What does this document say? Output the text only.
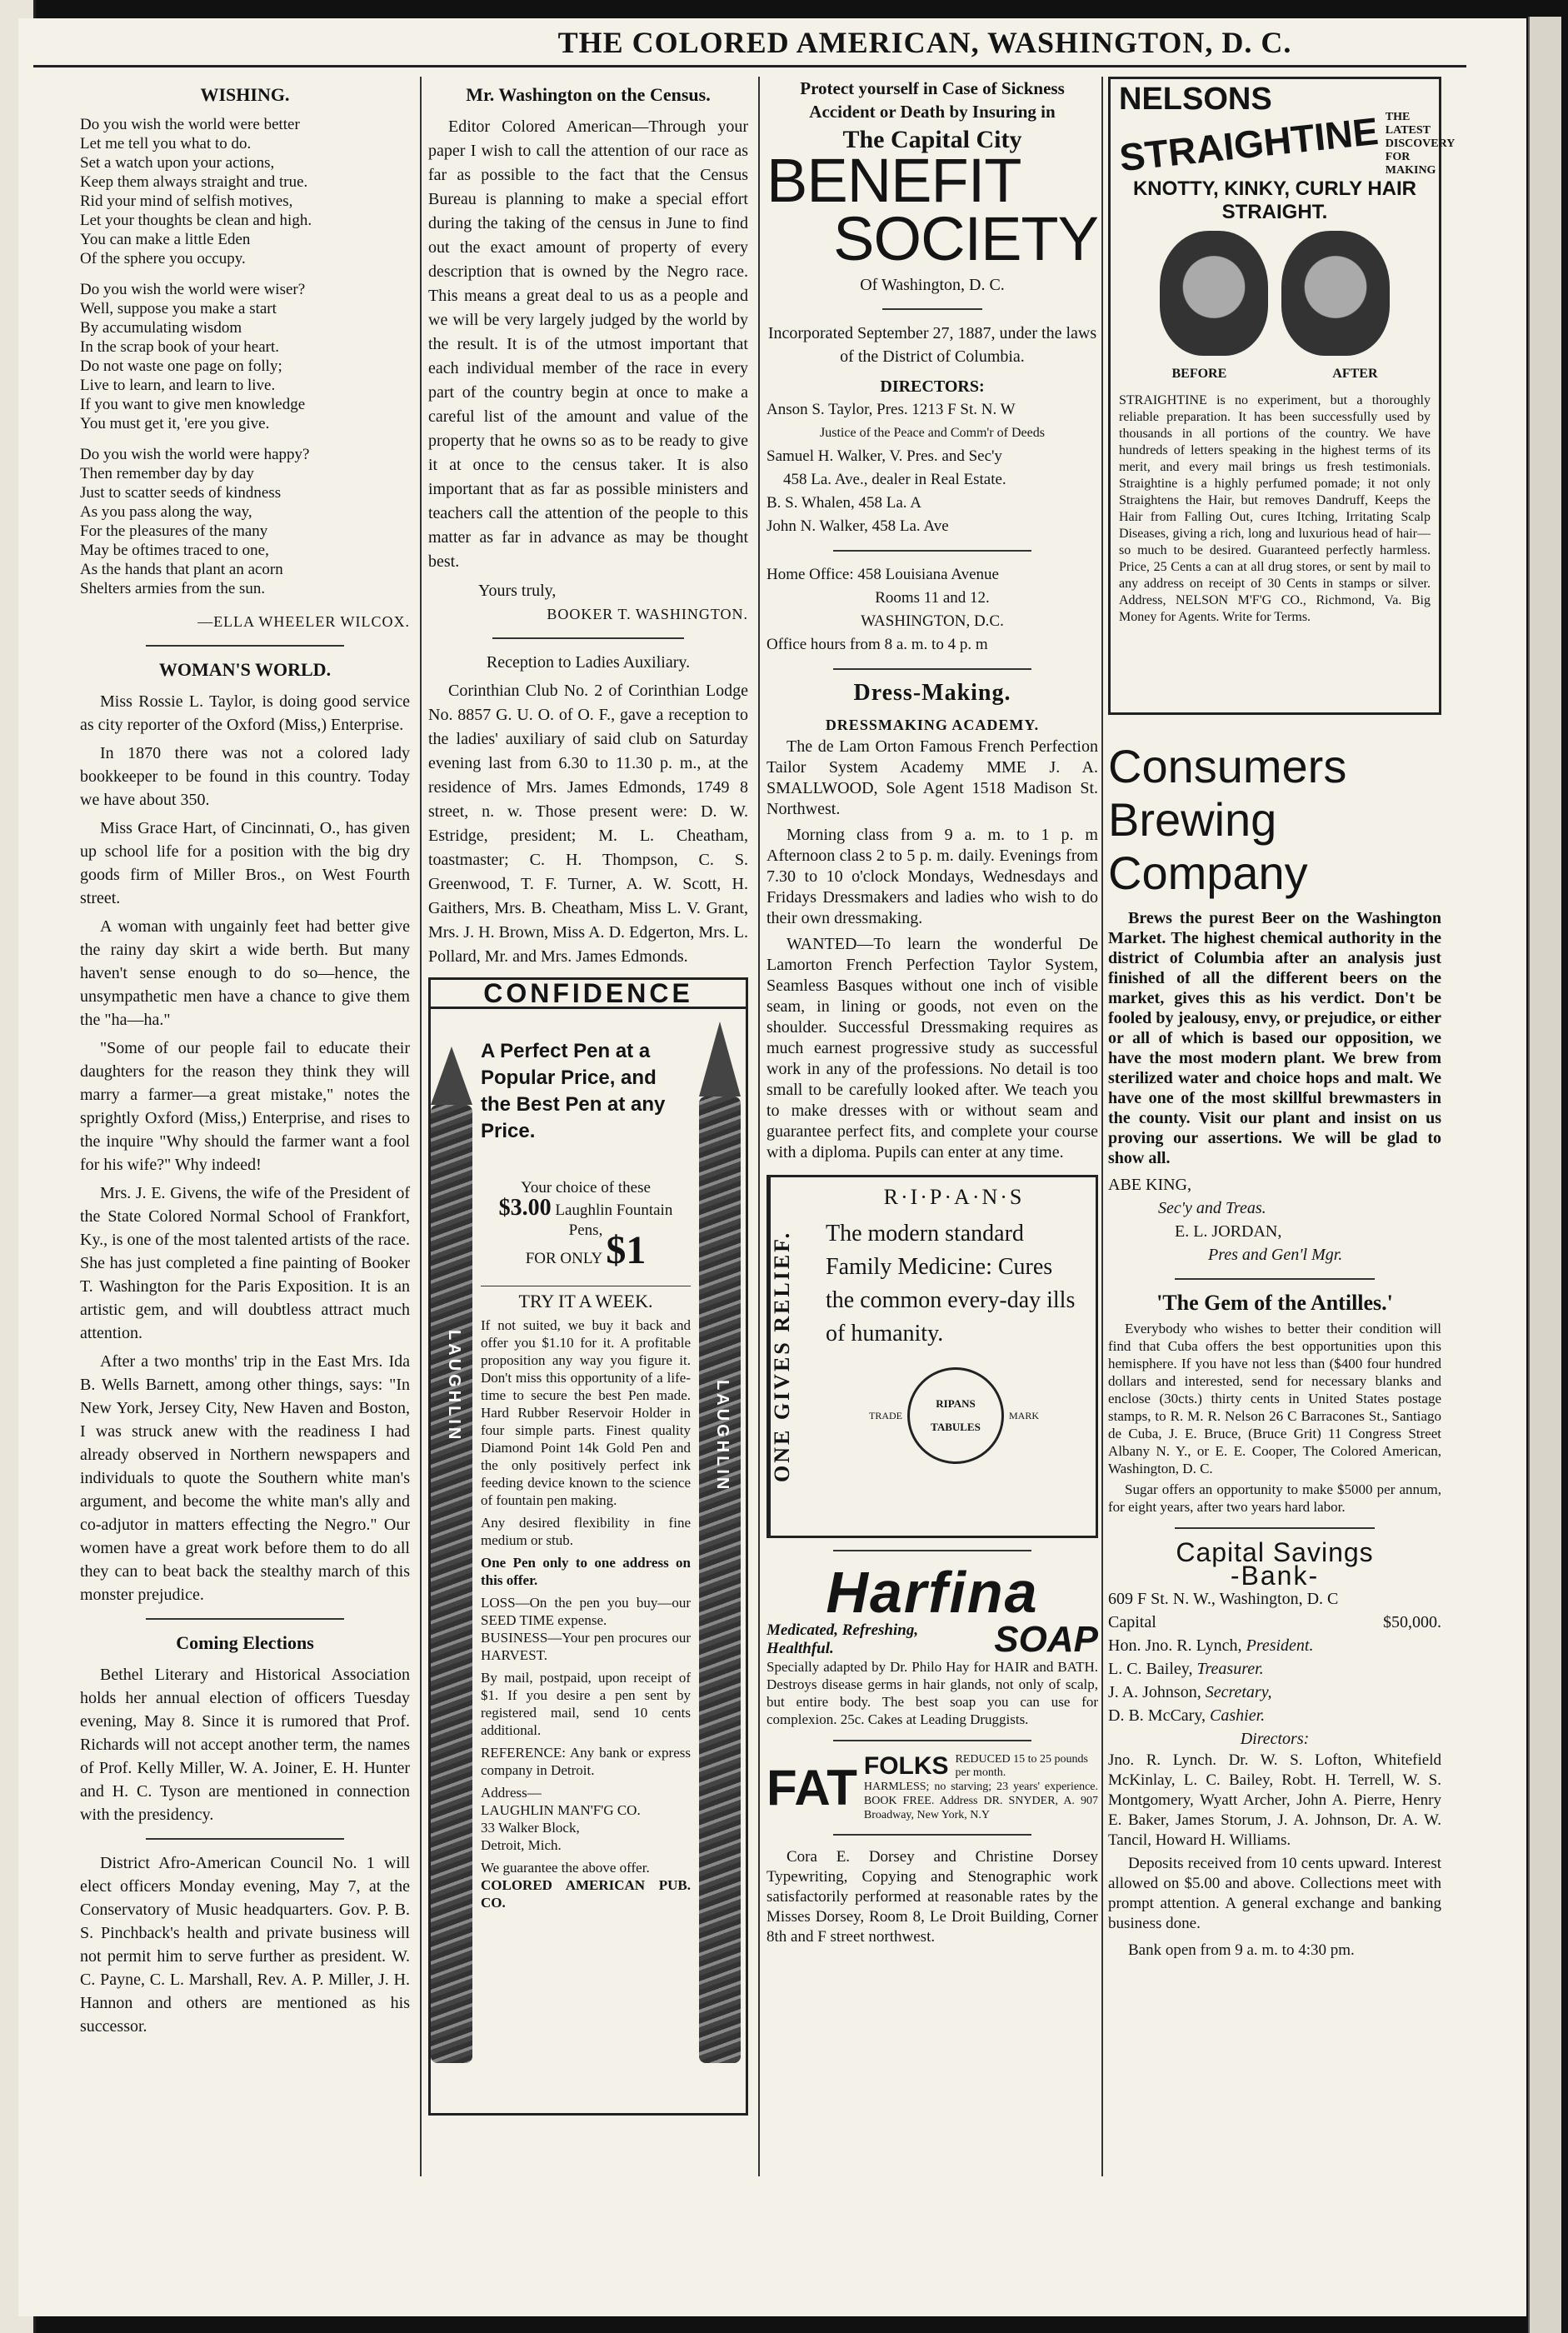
THE COLORED AMERICAN, WASHINGTON, D. C.
WISHING.

Do you wish the world were better

Let me tell you what to do.

Set a watch upon your actions,

Keep them always straight and true.

Rid your mind of selfish motives,

Let your thoughts be clean and high.

You can make a little Eden

Of the sphere you occupy.

Do you wish the world were wiser?

Well, suppose you make a start

By accumulating wisdom

In the scrap book of your heart.

Do not waste one page on folly;

Live to learn, and learn to live.

If you want to give men knowledge

You must get it, 'ere you give.

Do you wish the world were happy?

Then remember day by day

Just to scatter seeds of kindness

As you pass along the way,

For the pleasures of the many

May be oftimes traced to one,

As the hands that plant an acorn

Shelters armies from the sun.

—ELLA WHEELER WILCOX.
WOMAN'S WORLD.

Miss Rossie L. Taylor, is doing good service as city reporter of the Oxford (Miss,) Enterprise.

In 1870 there was not a colored lady bookkeeper to be found in this country. Today we have about 350.

Miss Grace Hart, of Cincinnati, O., has given up school life for a position with the big dry goods firm of Miller Bros., on West Fourth street.

A woman with ungainly feet had better give the rainy day skirt a wide berth. But many haven't sense enough to do so—hence, the unsympathetic men have a chance to give them the "ha—ha."

"Some of our people fail to educate their daughters for the reason they think they will marry a farmer—a great mistake," notes the sprightly Oxford (Miss,) Enterprise, and rises to the inquire "Why should the farmer want a fool for his wife?" Why indeed!

Mrs. J. E. Givens, the wife of the President of the State Colored Normal School of Frankfort, Ky., is one of the most talented artists of the race. She has just completed a fine painting of Booker T. Washington for the Paris Exposition. It is an artistic gem, and will doubtless attract much attention.

After a two months' trip in the East Mrs. Ida B. Wells Barnett, among other things, says: "In New York, Jersey City, New Haven and Boston, I was struck anew with the readiness I had already observed in Northern newspapers and individuals to quote the Southern white man's argument, and become the white man's ally and co-adjutor in matters effecting the Negro." Our women have a great work before them to do all they can to beat back the stealthy march of this monster prejudice.

Coming Elections

Bethel Literary and Historical Association holds her annual election of officers Tuesday evening, May 8. Since it is rumored that Prof. Richards will not accept another term, the names of Prof. Kelly Miller, W. A. Joiner, E. H. Hunter and H. C. Tyson are mentioned in connection with the presidency.

District Afro-American Council No. 1 will elect officers Monday evening, May 7, at the Conservatory of Music headquarters. Gov. P. B. S. Pinchback's health and private business will not permit him to serve further as president. W. C. Payne, C. L. Marshall, Rev. A. P. Miller, J. H. Hannon and others are mentioned as his successor.

Mr. Washington on the Census.

Editor Colored American—Through your paper I wish to call the attention of our race as far as possible to the fact that the Census Bureau is planning to make a special effort during the taking of the census in June to find out the exact amount of property of every description that is owned by the Negro race. This means a great deal to us as a people and we will be very largely judged by the world by the result. It is of the utmost important that each individual member of the race in every part of the country begin at once to make a careful list of the amount and value of the property that he owns so as to be ready to give it at once to the census taker. It is also important that as far as possible ministers and teachers call the attention of the people to this matter as far in advance as may be thought best.

Yours truly,

BOOKER T. WASHINGTON.

Reception to Ladies Auxiliary.

Corinthian Club No. 2 of Corinthian Lodge No. 8857 G. U. O. of O. F., gave a reception to the ladies' auxiliary of said club on Saturday evening last from 6.30 to 11.30 p. m., at the residence of Mrs. James Edmonds, 1749 8 street, n. w. Those present were: D. W. Estridge, president; M. L. Cheatham, toastmaster; C. H. Thompson, C. S. Greenwood, T. F. Turner, A. W. Scott, H. Gaithers, Mrs. B. Cheatham, Miss L. V. Grant, Mrs. J. H. Brown, Miss A. D. Edgerton, Mrs. L. Pollard, Mr. and Mrs. James Edmonds.

CONFIDENCE
LAUGHLIN	LAUGHLIN
A Perfect Pen at a Popular Price, and the Best Pen at any Price.
Your choice of these
$3.00 Laughlin Fountain Pens,
FOR ONLY $1
TRY IT A WEEK.

If not suited, we buy it back and offer you $1.10 for it. A profitable proposition any way you figure it. Don't miss this opportunity of a life-time to secure the best Pen made. Hard Rubber Reservoir Holder in four simple parts. Finest quality Diamond Point 14k Gold Pen and the only positively perfect ink feeding device known to the science of fountain pen making.

Any desired flexibility in fine medium or stub.

One Pen only to one address on this offer.

LOSS—On the pen you buy—our SEED TIME expense.

BUSINESS—Your pen procures our HARVEST.

By mail, postpaid, upon receipt of $1. If you desire a pen sent by registered mail, send 10 cents additional.

REFERENCE: Any bank or express company in Detroit.

Address—

LAUGHLIN MAN'F'G CO.

33 Walker Block,

Detroit, Mich.

We guarantee the above offer.

COLORED AMERICAN PUB. CO.

Protect yourself in Case of Sickness Accident or Death by Insuring in
The Capital City
BENEFIT
SOCIETY
Of Washington, D. C.
Incorporated September 27, 1887, under the laws of the District of Columbia.
DIRECTORS:

Anson S. Taylor, Pres. 1213 F St. N. W

Justice of the Peace and Comm'r of Deeds

Samuel H. Walker, V. Pres. and Sec'y

458 La. Ave., dealer in Real Estate.

B. S. Whalen, 458 La. A

John N. Walker, 458 La. Ave

Home Office: 458 Louisiana Avenue

Rooms 11 and 12.

WASHINGTON, D.C.

Office hours from 8 a. m. to 4 p. m

Dress-Making.
DRESSMAKING ACADEMY.

The de Lam Orton Famous French Perfection Tailor System Academy MME J. A. SMALLWOOD, Sole Agent 1518 Madison St. Northwest.

Morning class from 9 a. m. to 1 p. m Afternoon class 2 to 5 p. m. daily. Evenings from 7.30 to 10 o'clock Mondays, Wednesdays and Fridays Dressmakers and ladies who wish to do their own dressmaking.

WANTED—To learn the wonderful De Lamorton French Perfection Taylor System, Seamless Basques without one inch of visible seam, in lining or goods, not even on the shoulder. Successful Dressmaking requires as much earnest progressive study as successful work in any of the professions. No detail is too small to be carefully looked after. We teach you to make dresses with or without seam and guarantee perfect fits, and complete your course with a diploma. Pupils can enter at any time.

ONE GIVES RELIEF.
R·I·P·A·N·S
The modern standard Family Medicine: Cures the common every-day ills of humanity.
TRADE
RIPANS TABULES
MARK
Harfina
Medicated, Refreshing, Healthful.	SOAP

Specially adapted by Dr. Philo Hay for HAIR and BATH. Destroys disease germs in hair glands, not only of scalp, but entire body. The best soap you can use for complexion. 25c. Cakes at Leading Druggists.

FAT FOLKS REDUCED 15 to 25 pounds per month.

HARMLESS; no starving; 23 years' experience. BOOK FREE. Address DR. SNYDER, A. 907 Broadway, New York, N.Y

Cora E. Dorsey and Christine Dorsey Typewriting, Copying and Stenographic work satisfactorily performed at reasonable rates by the Misses Dorsey, Room 8, Le Droit Building, Corner 8th and F street northwest.

NELSONS
STRAIGHTINE THE LATEST DISCOVERY FOR MAKING
KNOTTY, KINKY, CURLY HAIR STRAIGHT.
BEFORE	AFTER

STRAIGHTINE is no experiment, but a thoroughly reliable preparation. It has been successfully used by thousands in all portions of the country. We have hundreds of letters speaking in the highest terms of its merit, and every mail brings us fresh testimonials. Straightine is a highly perfumed pomade; it not only Straightens the Hair, but removes Dandruff, Keeps the Hair from Falling Out, cures Itching, Irritating Scalp Diseases, giving a rich, long and luxurious head of hair—so much to be desired. Guaranteed perfectly harmless. Price, 25 Cents a can at all drug stores, or sent by mail to any address on receipt of 30 Cents in stamps or silver. Address, NELSON M'F'G CO., Richmond, Va. Big Money for Agents. Write for Terms.

Consumers
Brewing
Company

Brews the purest Beer on the Washington Market. The highest chemical authority in the district of Columbia after an analysis just finished of all the different beers on the market, gives this as his verdict. Don't be fooled by jealousy, envy, or prejudice, or either or all of which is based our opposition, we have the most modern plant. We brew from sterilized water and choice hops and malt. We have one of the most skillful brewmasters in the county. Visit our plant and insist on us proving our assertions. We will be glad to show all.

ABE KING,

Sec'y and Treas.

E. L. JORDAN,

Pres and Gen'l Mgr.

'The Gem of the Antilles.'

Everybody who wishes to better their condition will find that Cuba offers the best opportunities upon this hemisphere. If you have not less than ($400 four hundred dollars and interested, send for necessary blanks and enclose (30cts.) thirty cents in United States postage stamps, to R. M. R. Nelson 26 C Barracones St., Santiago de Cuba, J. E. Bruce, (Bruce Grit) 11 Congress Street Albany N. Y., or E. E. Cooper, The Colored American, Washington, D. C.

Sugar offers an opportunity to make $5000 per annum, for eight years, after two years hard labor.

Capital Savings
-Bank-

609 F St. N. W., Washington, D. C

Capital	$50,000.

Hon. Jno. R. Lynch, President.

L. C. Bailey, Treasurer.

J. A. Johnson, Secretary,

D. B. McCary, Cashier.

Directors:

Jno. R. Lynch. Dr. W. S. Lofton, Whitefield McKinlay, L. C. Bailey, Robt. H. Terrell, W. S. Montgomery, Wyatt Archer, John A. Pierre, Henry E. Baker, James Storum, J. A. Johnson, Dr. A. W. Tancil, Howard H. Williams.

Deposits received from 10 cents upward. Interest allowed on $5.00 and above. Collections meet with prompt attention. A general exchange and banking business done.

Bank open from 9 a. m. to 4:30 pm.
